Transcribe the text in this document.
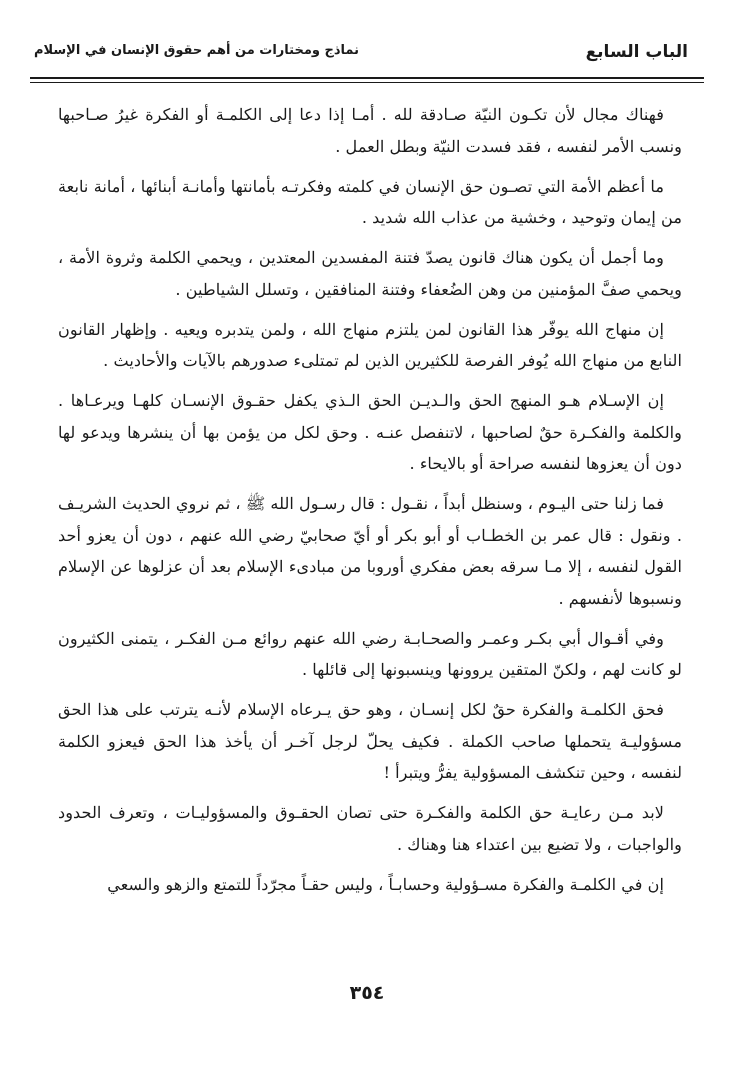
الباب السابع
نماذج ومختارات من أهم حقوق الإنسان في الإسلام

فهناك مجال لأن تكـون النيّة صـادقة لله . أمـا إذا دعا إلى الكلمـة أو الفكرة غيرُ صـاحبها ونسب الأمر لنفسه ، فقد فسدت النيّة وبطل العمل .

ما أعظم الأمة التي تصـون حق الإنسان في كلمته وفكرتـه بأمانتها وأمانـة أبنائها ، أمانة نابعة من إيمان وتوحيد ، وخشية من عذاب الله شديد .

وما أجمل أن يكون هناك قانون يصدّ فتنة المفسدين المعتدين ، ويحمي الكلمة وثروة الأمة ، ويحمي صفَّ المؤمنين من وهن الضُعفاء وفتنة المنافقين ، وتسلل الشياطين .

إن منهاج الله يوفّر هذا القانون لمن يلتزم منهاج الله ، ولمن يتدبره ويعيه . وإظهار القانون النابع من منهاج الله يُوفر الفرصة للكثيرين الذين لم تمتلىء صدورهم بالآيات والأحاديث .

إن الإسـلام هـو المنهج الحق والـديـن الحق الـذي يكفل حقـوق الإنسـان كلهـا ويرعـاها . والكلمة والفكـرة حقٌ لصاحبها ، لاتنفصل عنـه . وحق لكل من يؤمن بها أن ينشرها ويدعو لها دون أن يعزوها لنفسه صراحة أو بالايحاء .

فما زلنا حتى اليـوم ، وسنظل أبداً ، نقـول : قال رسـول الله ﷺ ، ثم نروي الحديث الشريـف . ونقول : قال عمر بن الخطـاب أو أبو بكر أو أيّ صحابيّ رضي الله عنهم ، دون أن يعزو أحد القول لنفسه ، إلا مـا سرقه بعض مفكري أوروبا من مبادىء الإسلام بعد أن عزلوها عن الإسلام ونسبوها لأنفسهم .

وفي أقـوال أبي بكـر وعمـر والصحـابـة رضي الله عنهم روائع مـن الفكـر ، يتمنى الكثيرون لو كانت لهم ، ولكنّ المتقين يروونها وينسبونها إلى قائلها .

فحق الكلمـة والفكرة حقٌ لكل إنسـان ، وهو حق يـرعاه الإسلام لأنـه يترتب على هذا الحق مسؤوليـة يتحملها صاحب الكملة . فكيف يحلّ لرجل آخـر أن يأخذ هذا الحق فيعزو الكلمة لنفسه ، وحين تنكشف المسؤولية يفرُّ ويتبرأ !

لابد مـن رعايـة حق الكلمة والفكـرة حتى تصان الحقـوق والمسؤوليـات ، وتعرف الحدود والواجبات ، ولا تضيع بين اعتداء هنا وهناك .

إن في الكلمـة والفكرة مسـؤولية وحسابـاً ، وليس حقـاً مجرّداً للتمتع والزهو والسعي

٣٥٤
